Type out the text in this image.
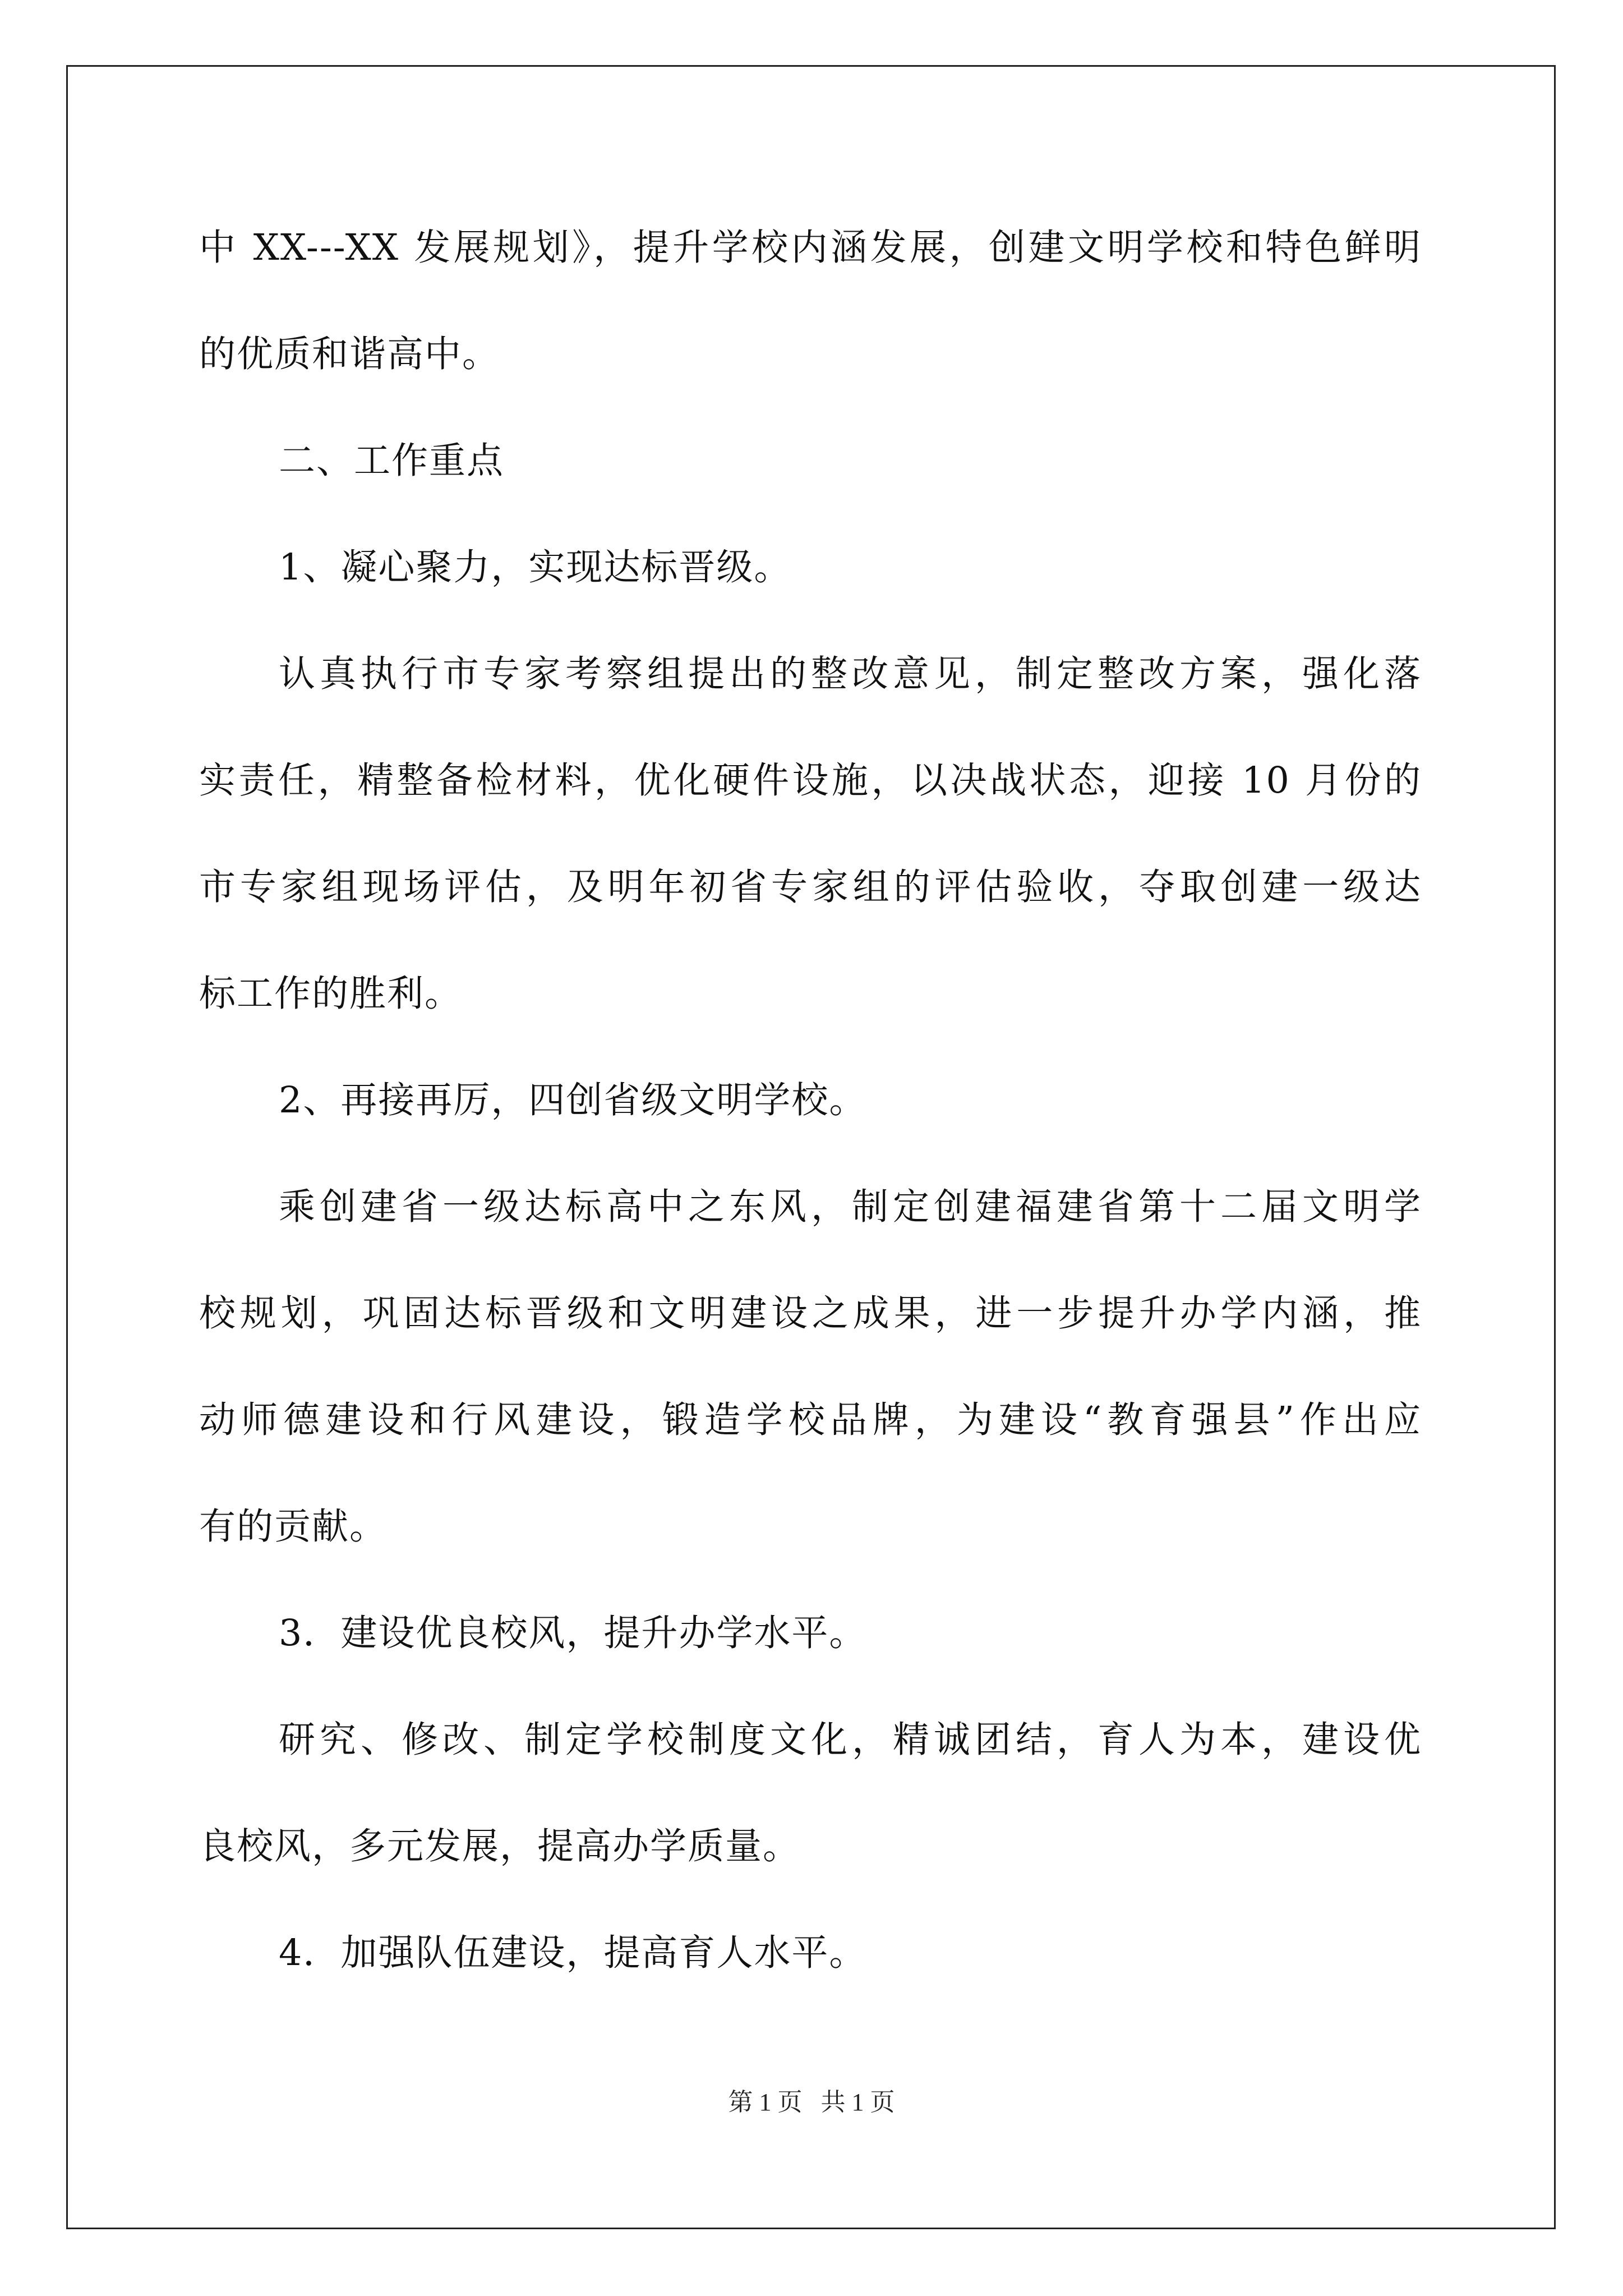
中 XX---XX 发展规划》，提升学校内涵发展，创建文明学校和特色鲜明
的优质和谐高中。
二、工作重点
1、凝心聚力，实现达标晋级。
认真执行市专家考察组提出的整改意见，制定整改方案，强化落
实责任，精整备检材料，优化硬件设施，以决战状态，迎接 10 月份的
市专家组现场评估，及明年初省专家组的评估验收，夺取创建一级达
标工作的胜利。
2、再接再厉，四创省级文明学校。
乘创建省一级达标高中之东风，制定创建福建省第十二届文明学
校规划，巩固达标晋级和文明建设之成果，进一步提升办学内涵，推
动师德建设和行风建设，锻造学校品牌，为建设“教育强县”作出应
有的贡献。
3．建设优良校风，提升办学水平。
研究、修改、制定学校制度文化，精诚团结，育人为本，建设优
良校风，多元发展，提高办学质量。
4．加强队伍建设，提高育人水平。
第 1 页   共 1 页
